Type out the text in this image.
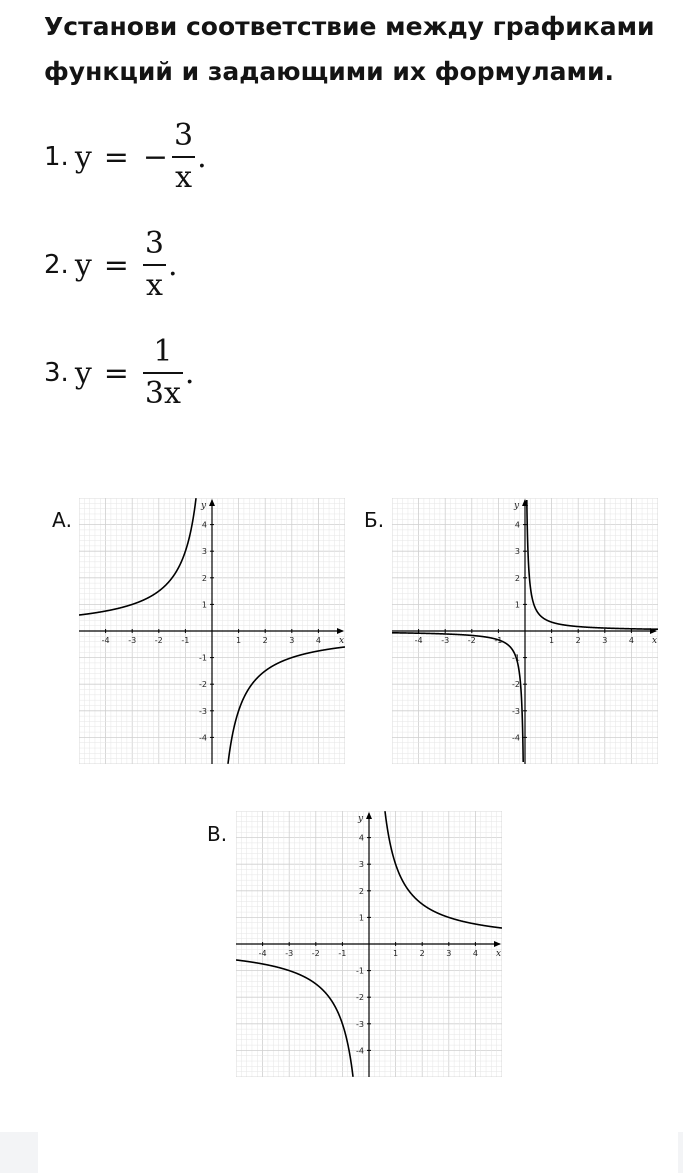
Установи соответствие между графиками функций и задающими их формулами.
1. y = − $\frac{3}{x}$ .
2. $y = \frac{3}{x}$ .
3. $y = \frac{1}{3x}$ .
А.
-4 -3 -2 -1	1	2	3	4
4
3
2
1
-1
-2
-3
-4
x
y
Б.
-4 -3 -2 -1	1	2	3	4
4
3
2
1
-1
-2
-3
-4
x
y
В.
-4 -3 -2 -1	1	2	3	4
4
3
2
1
-1
-2
-3
-4
x
y
